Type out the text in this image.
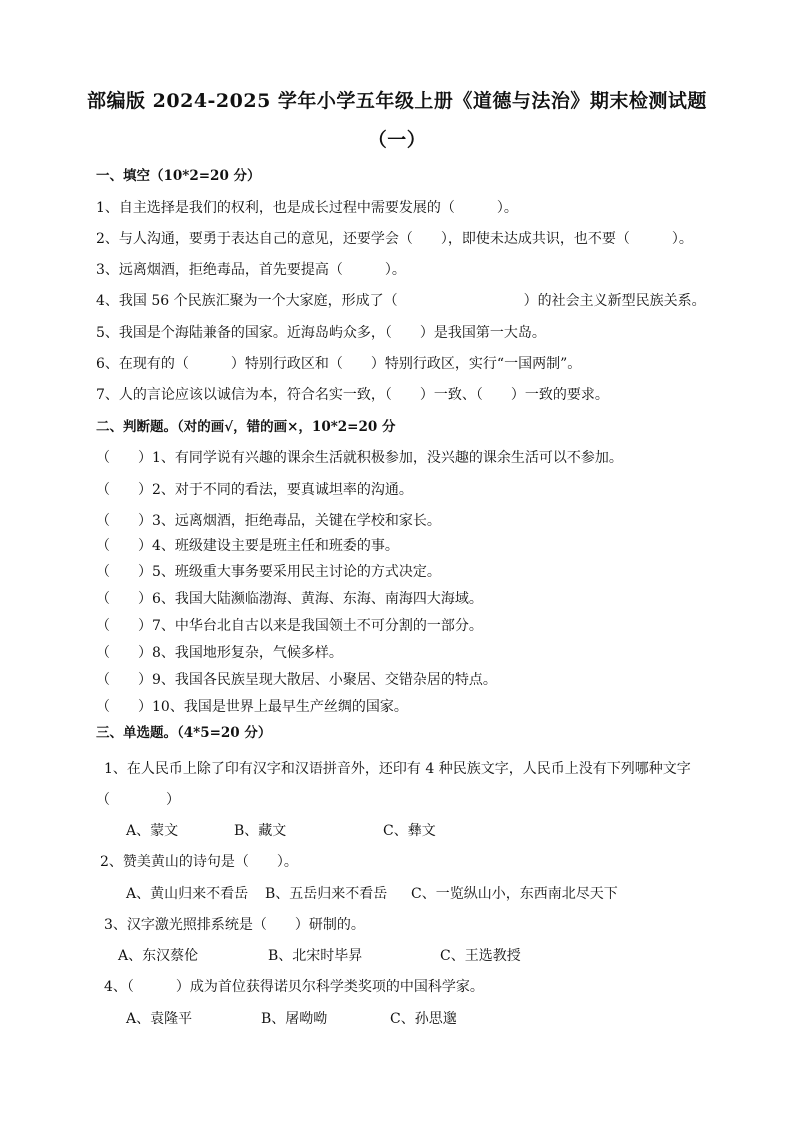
部编版 2024-2025 学年小学五年级上册《道德与法治》期末检测试题
（一）
一、填空（10*2=20 分）
1、自主选择是我们的权利，也是成长过程中需要发展的（　　　）。
2、与人沟通，要勇于表达自己的意见，还要学会（　　），即使未达成共识，也不要（　　　）。
3、远离烟酒，拒绝毒品，首先要提高（　　　）。
4、我国 56 个民族汇聚为一个大家庭，形成了（　　　　　　　　　）的社会主义新型民族关系。
5、我国是个海陆兼备的国家。近海岛屿众多，（　　）是我国第一大岛。
6、在现有的（　　　）特别行政区和（　　）特别行政区，实行“一国两制”。
7、人的言论应该以诚信为本，符合名实一致，（　　）一致、（　　）一致的要求。
二、判断题。（对的画√，错的画×，10*2=20 分
（　　）1、有同学说有兴趣的课余生活就积极参加，没兴趣的课余生活可以不参加。
（　　）2、对于不同的看法，要真诚坦率的沟通。
（　　）3、远离烟酒，拒绝毒品，关键在学校和家长。
（　　）4、班级建设主要是班主任和班委的事。
（　　）5、班级重大事务要采用民主讨论的方式决定。
（　　）6、我国大陆濒临渤海、黄海、东海、南海四大海域。
（　　）7、中华台北自古以来是我国领土不可分割的一部分。
（　　）8、我国地形复杂，气候多样。
（　　）9、我国各民族呈现大散居、小聚居、交错杂居的特点。
（　　）10、我国是世界上最早生产丝绸的国家。
三、单选题。（4*5=20 分）
1、在人民币上除了印有汉字和汉语拼音外，还印有 4 种民族文字，人民币上没有下列哪种文字
（　　　　）
A、蒙文	B、藏文	C、彝文
2、赞美黄山的诗句是（　　）。
A、黄山归来不看岳 B、五岳归来不看岳 C、一览纵山小，东西南北尽天下
3、汉字激光照排系统是（　　）研制的。
A、东汉蔡伦	B、北宋时毕昇	C、王选教授
4、（　　　）成为首位获得诺贝尔科学类奖项的中国科学家。
A、袁隆平	B、屠呦呦	C、孙思邈
